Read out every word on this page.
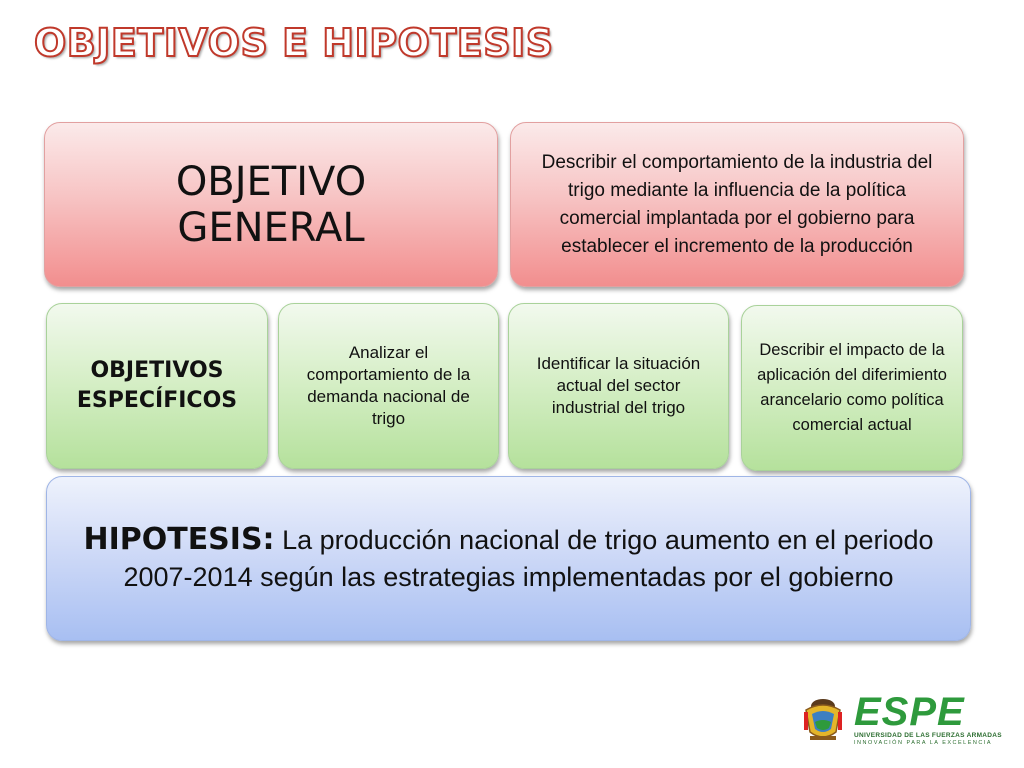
OBJETIVOS E HIPOTESIS
OBJETIVO GENERAL
Describir el comportamiento de la industria del trigo mediante la influencia de la política comercial implantada por el gobierno para establecer el incremento de la producción
OBJETIVOS ESPECÍFICOS
Analizar el comportamiento de la demanda nacional de trigo
Identificar la situación actual del sector industrial del trigo
Describir el impacto de la aplicación del diferimiento arancelario como política comercial actual
HIPOTESIS: La producción nacional de trigo aumento en el periodo 2007-2014 según las estrategias implementadas por el gobierno
ESPE
UNIVERSIDAD DE LAS FUERZAS ARMADAS
INNOVACIÓN PARA LA EXCELENCIA
